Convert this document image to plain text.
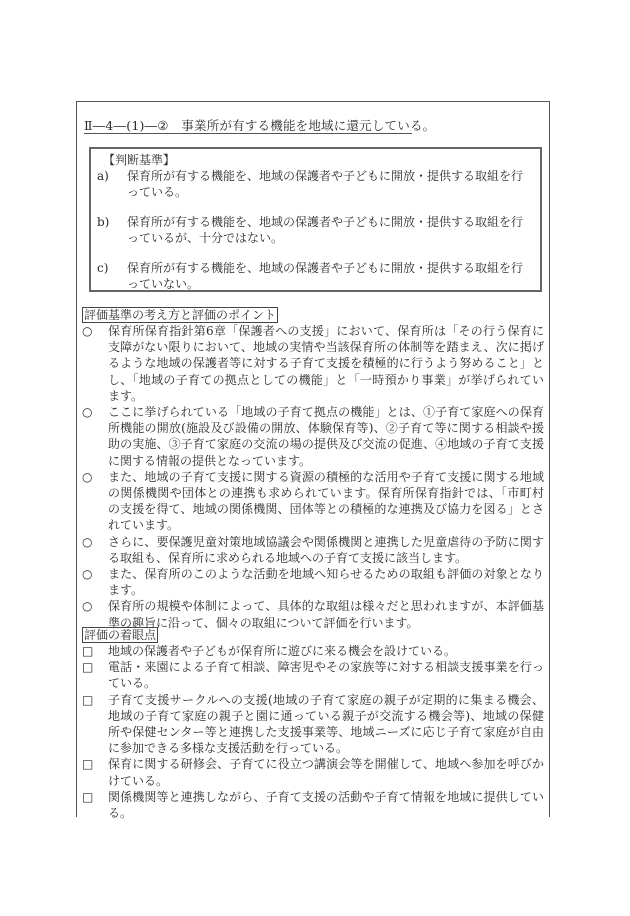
Ⅱ―4―(1)―②　事業所が有する機能を地域に還元している。
【判断基準】
a)	保育所が有する機能を、地域の保護者や子どもに開放・提供する取組を行っている。
b)	保育所が有する機能を、地域の保護者や子どもに開放・提供する取組を行っているが、十分ではない。
c)	保育所が有する機能を、地域の保護者や子どもに開放・提供する取組を行っていない。
評価基準の考え方と評価のポイント
○	保育所保育指針第6章「保護者への支援」において、保育所は「その行う保育に支障がない限りにおいて、地域の実情や当該保育所の体制等を踏まえ、次に掲げるような地域の保護者等に対する子育て支援を積極的に行うよう努めること」とし、「地域の子育ての拠点としての機能」と「一時預かり事業」が挙げられています。
○	ここに挙げられている「地域の子育て拠点の機能」とは、①子育て家庭への保育所機能の開放(施設及び設備の開放、体験保育等)、②子育て等に関する相談や援助の実施、③子育て家庭の交流の場の提供及び交流の促進、④地域の子育て支援に関する情報の提供となっています。
○	また、地域の子育て支援に関する資源の積極的な活用や子育て支援に関する地域の関係機関や団体との連携も求められています。保育所保育指針では、「市町村の支援を得て、地域の関係機関、団体等との積極的な連携及び協力を図る」とされています。
○	さらに、要保護児童対策地域協議会や関係機関と連携した児童虐待の予防に関する取組も、保育所に求められる地域への子育て支援に該当します。
○	また、保育所のこのような活動を地域へ知らせるための取組も評価の対象となります。
○	保育所の規模や体制によって、具体的な取組は様々だと思われますが、本評価基準の趣旨に沿って、個々の取組について評価を行います。
評価の着眼点
□	地域の保護者や子どもが保育所に遊びに来る機会を設けている。
□	電話・来園による子育て相談、障害児やその家族等に対する相談支援事業を行っている。
□	子育て支援サークルへの支援(地域の子育て家庭の親子が定期的に集まる機会、地域の子育て家庭の親子と園に通っている親子が交流する機会等)、地域の保健所や保健センター等と連携した支援事業等、地域ニーズに応じ子育て家庭が自由に参加できる多様な支援活動を行っている。
□	保育に関する研修会、子育てに役立つ講演会等を開催して、地域へ参加を呼びかけている。
□	関係機関等と連携しながら、子育て支援の活動や子育て情報を地域に提供している。
